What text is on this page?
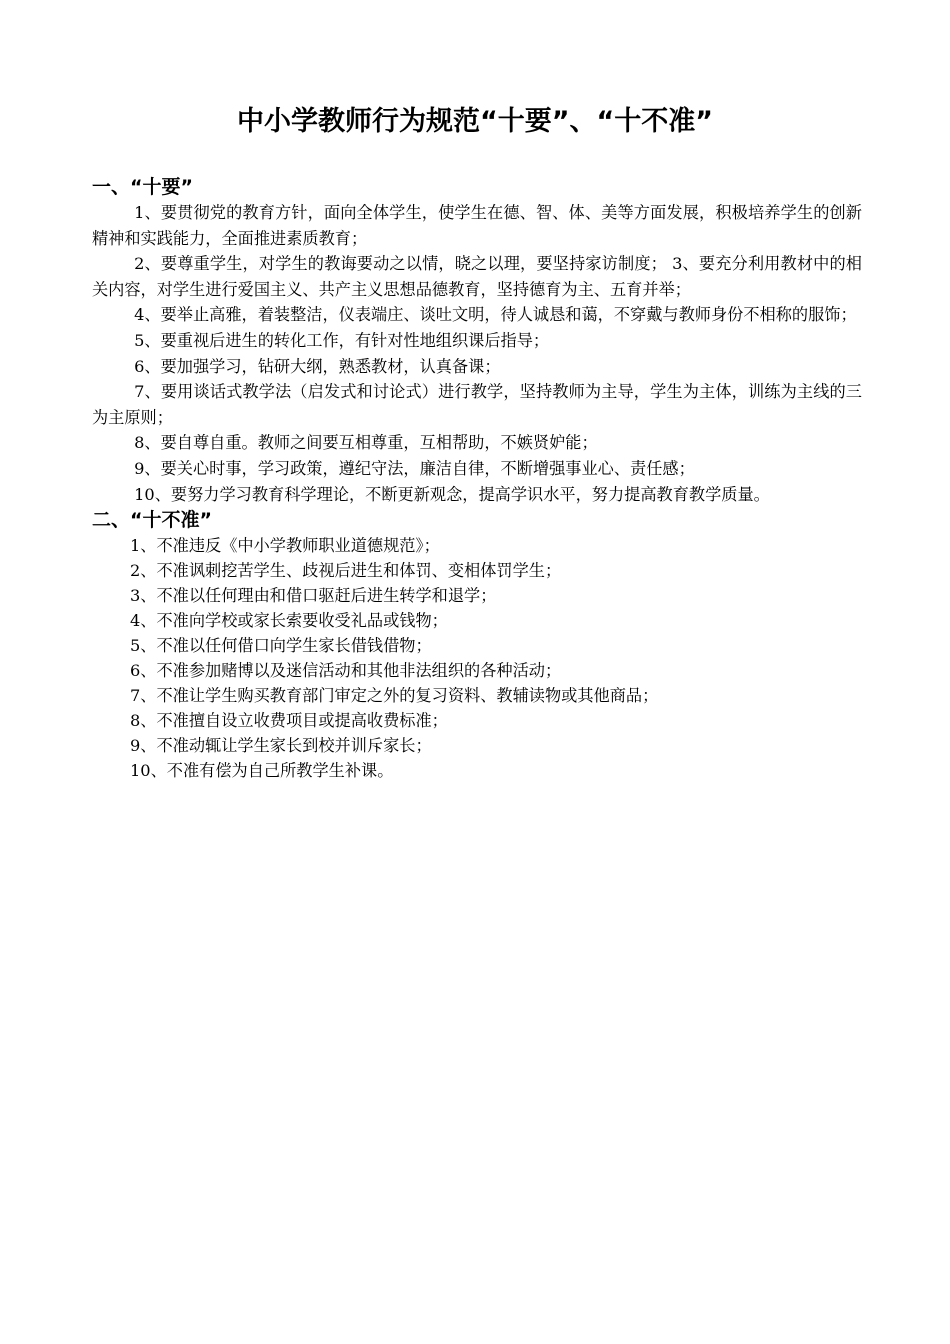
中小学教师行为规范“十要”、“十不准”
一、“十要”

1、要贯彻党的教育方针，面向全体学生，使学生在德、智、体、美等方面发展，积极培养学生的创新精神和实践能力，全面推进素质教育；

2、要尊重学生，对学生的教诲要动之以情，晓之以理，要坚持家访制度； 3、要充分利用教材中的相关内容，对学生进行爱国主义、共产主义思想品德教育，坚持德育为主、五育并举；

4、要举止高雅，着装整洁，仪表端庄、谈吐文明，待人诚恳和蔼，不穿戴与教师身份不相称的服饰；

5、要重视后进生的转化工作，有针对性地组织课后指导；

6、要加强学习，钻研大纲，熟悉教材，认真备课；

7、要用谈话式教学法（启发式和讨论式）进行教学，坚持教师为主导，学生为主体，训练为主线的三为主原则；

8、要自尊自重。教师之间要互相尊重，互相帮助，不嫉贤妒能；

9、要关心时事，学习政策，遵纪守法，廉洁自律，不断增强事业心、责任感；

10、要努力学习教育科学理论，不断更新观念，提高学识水平，努力提高教育教学质量。

二、“十不准”

1、不准违反《中小学教师职业道德规范》；

2、不准讽刺挖苦学生、歧视后进生和体罚、变相体罚学生；

3、不准以任何理由和借口驱赶后进生转学和退学；

4、不准向学校或家长索要收受礼品或钱物；

5、不准以任何借口向学生家长借钱借物；

6、不准参加赌博以及迷信活动和其他非法组织的各种活动；

7、不准让学生购买教育部门审定之外的复习资料、教辅读物或其他商品；

8、不准擅自设立收费项目或提高收费标准；

9、不准动辄让学生家长到校并训斥家长；

10、不准有偿为自己所教学生补课。
